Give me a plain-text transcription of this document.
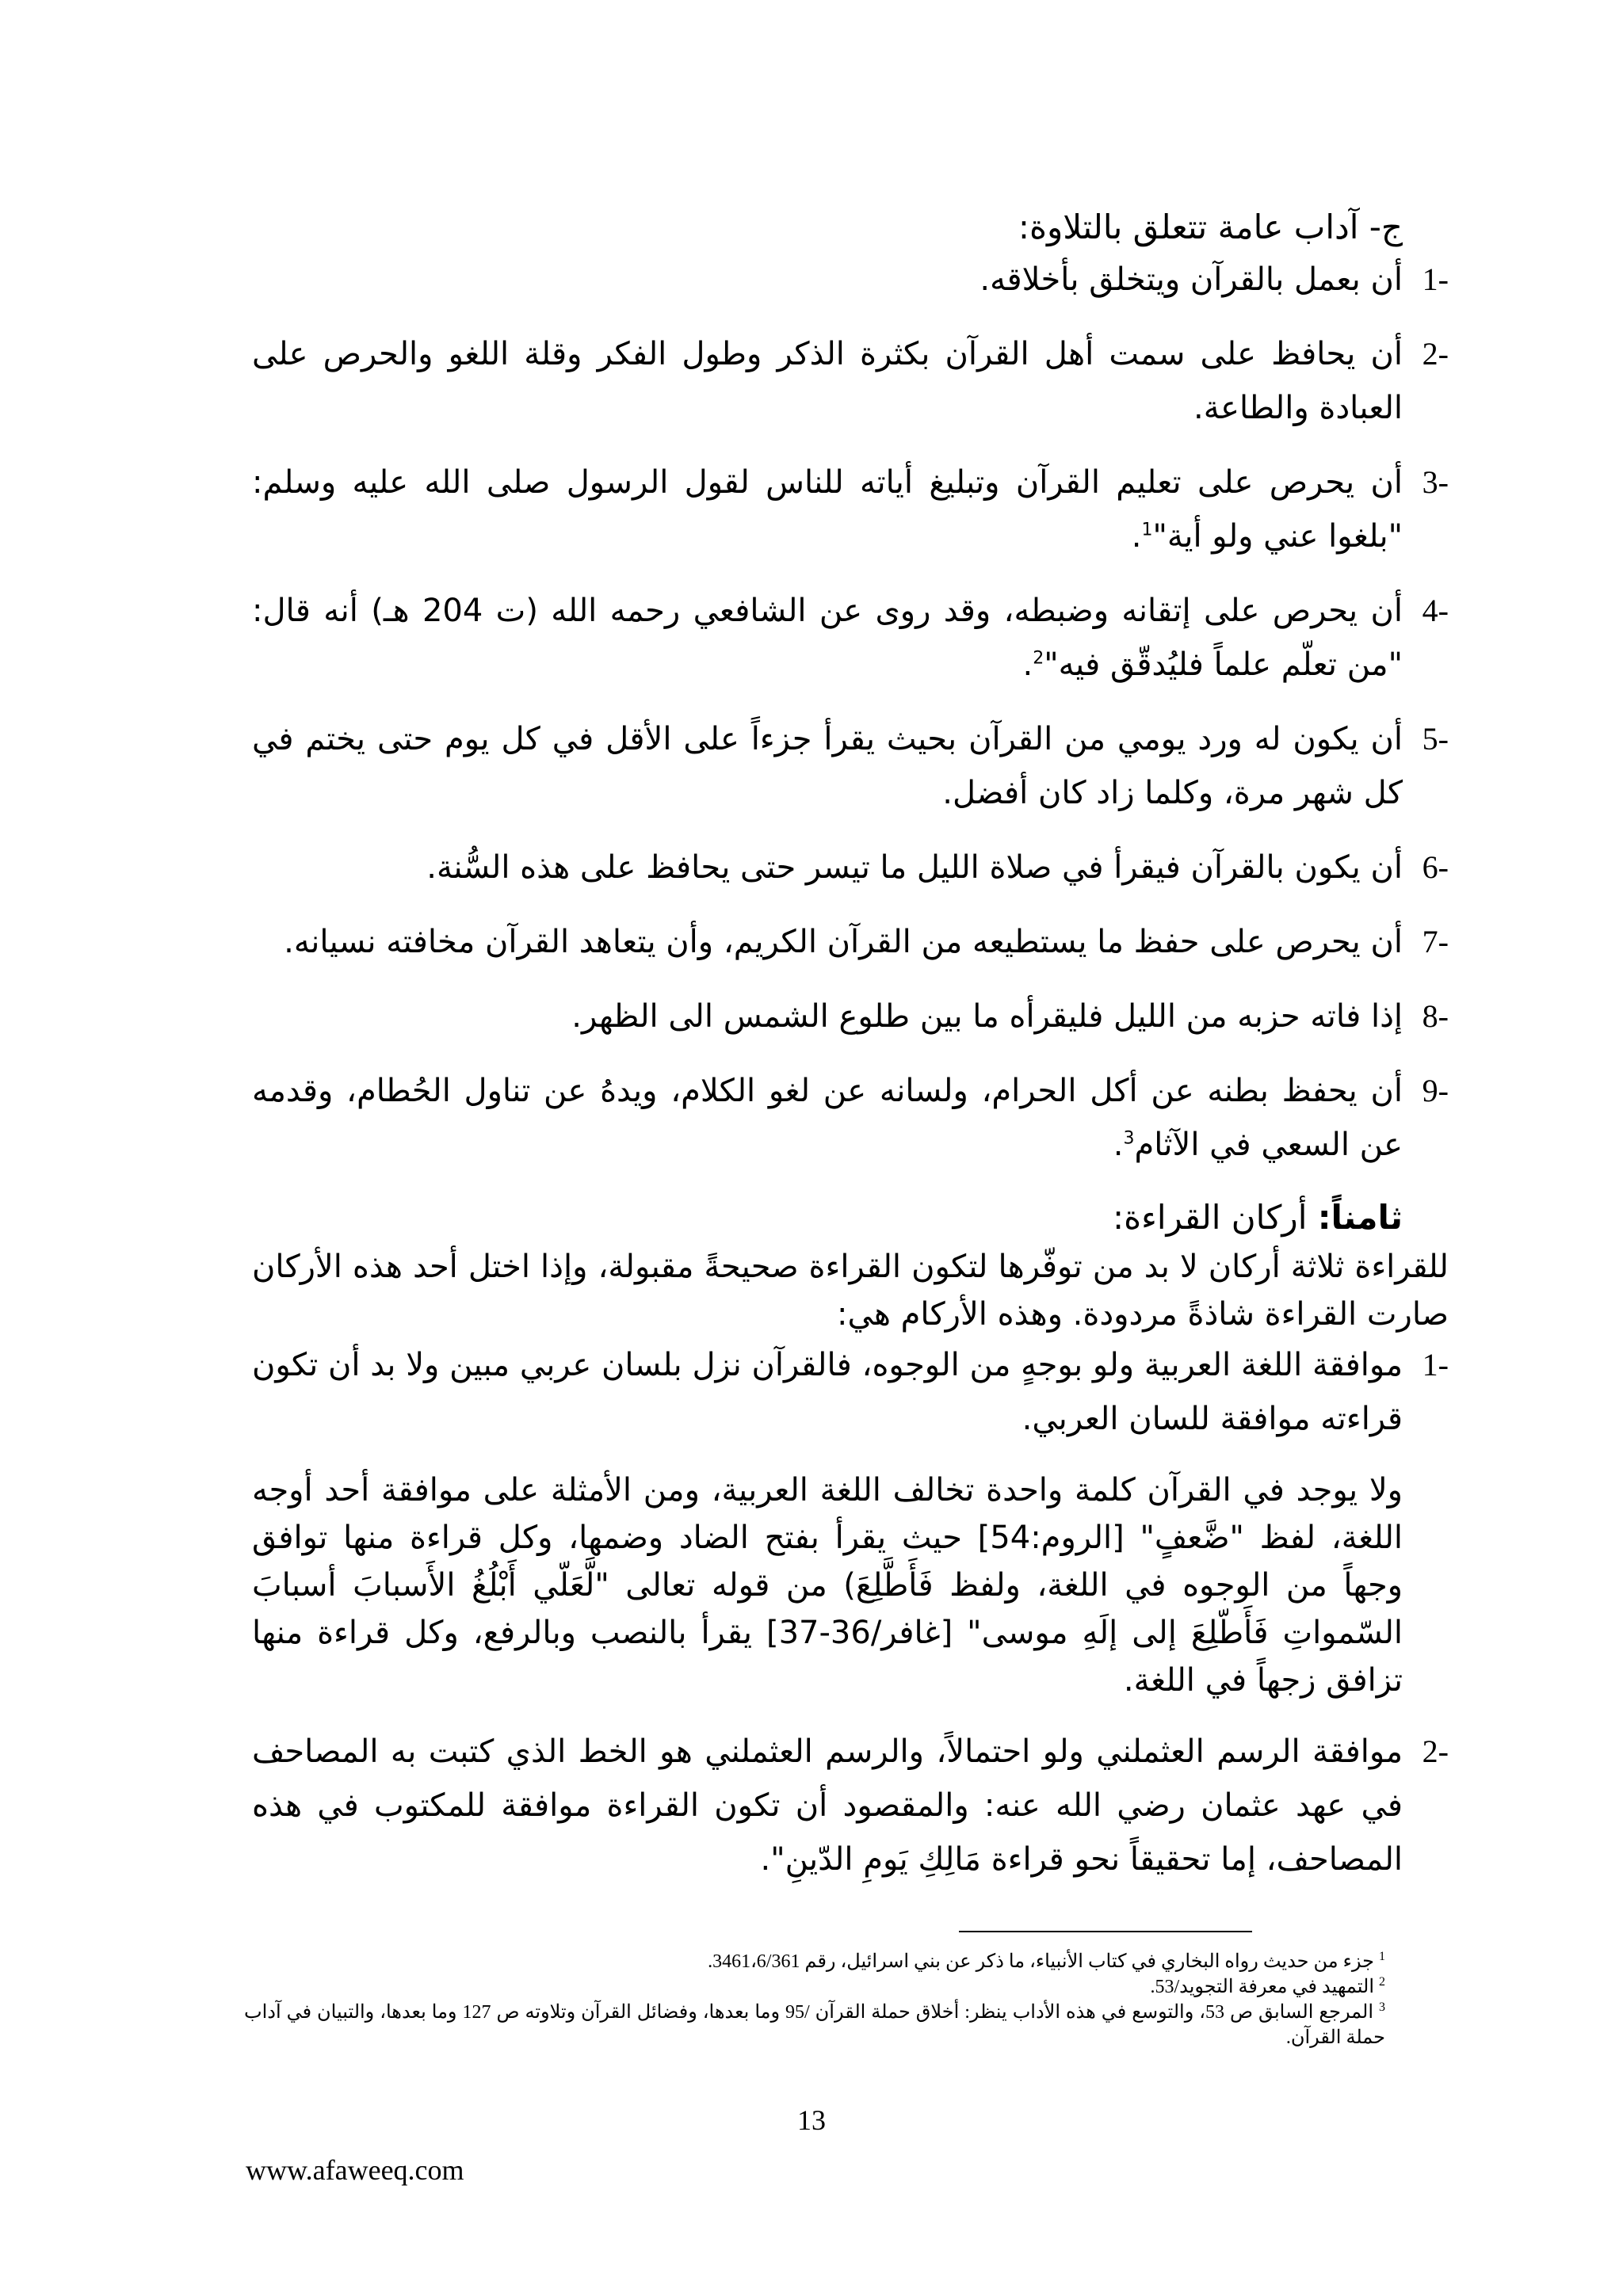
ج- آداب عامة تتعلق بالتلاوة:
-1
أن بعمل بالقرآن ويتخلق بأخلاقه.
-2
أن يحافظ على سمت أهل القرآن بكثرة الذكر وطول الفكر وقلة اللغو والحرص على العبادة والطاعة.
-3
أن يحرص على تعليم القرآن وتبليغ أياته للناس لقول الرسول صلى الله عليه وسلم: "بلغوا عني ولو أية"$^1$.
-4
أن يحرص على إتقانه وضبطه، وقد روى عن الشافعي رحمه الله (ت 204 هـ) أنه قال: "من تعلّم علماً فليُدقّق فيه"$^2$.
-5
أن يكون له ورد يومي من القرآن بحيث يقرأ جزءاً على الأقل في كل يوم حتى يختم في كل شهر مرة، وكلما زاد كان أفضل.
-6
أن يكون بالقرآن فيقرأ في صلاة الليل ما تيسر حتى يحافظ على هذه السُّنة.
-7
أن يحرص على حفظ ما يستطيعه من القرآن الكريم، وأن يتعاهد القرآن مخافته نسيانه.
-8
إذا فاته حزبه من الليل فليقرأه ما بين طلوع الشمس الى الظهر.
-9
أن يحفظ بطنه عن أكل الحرام، ولسانه عن لغو الكلام، ويدهُ عن تناول الحُطام، وقدمه عن السعي في الآثام$^3$.
ثامناً: أركان القراءة:
للقراءة ثلاثة أركان لا بد من توفّرها لتكون القراءة صحيحةً مقبولة، وإذا اختل أحد هذه الأركان صارت القراءة شاذةً مردودة. وهذه الأركام هي:
-1
موافقة اللغة العربية ولو بوجهٍ من الوجوه، فالقرآن نزل بلسان عربي مبين ولا بد أن تكون قراءته موافقة للسان العربي.
ولا يوجد في القرآن كلمة واحدة تخالف اللغة العربية، ومن الأمثلة على موافقة أحد أوجه اللغة، لفظ "ضَّعفٍ" [الروم:54] حيث يقرأ بفتح الضاد وضمها، وكل قراءة منها توافق وجهاً من الوجوه في اللغة، ولفظ فَأَطَّلِعَ) من قوله تعالى "لَّعَلّي أَبْلُغُ الأَسبابَ أسبابَ السّمواتِ فَأَطّلِعَ إلى إلَهِ موسى" [غافر/36-37] يقرأ بالنصب وبالرفع، وكل قراءة منها تزافق زجهاً في اللغة.
-2
موافقة الرسم العثملني ولو احتمالاً، والرسم العثملني هو الخط الذي كتبت به المصاحف في عهد عثمان رضي الله عنه: والمقصود أن تكون القراءة موافقة للمكتوب في هذه المصاحف، إما تحقيقاً نحو قراءة مَالِكِ يَومِ الدّينِ".
$^1$ جزء من حديث رواه البخاري في كتاب الأنبياء، ما ذكر عن بني اسرائيل، رقم 3461،6/361.
$^2$ التمهيد في معرفة التجويد/53.
$^3$ المرجع السابق ص 53، والتوسع في هذه الأداب ينظر: أخلاق حملة القرآن /95 وما بعدها، وفضائل القرآن وتلاوته ص 127 وما بعدها، والتبيان في آداب حملة القرآن.
13
www.afaweeq.com
